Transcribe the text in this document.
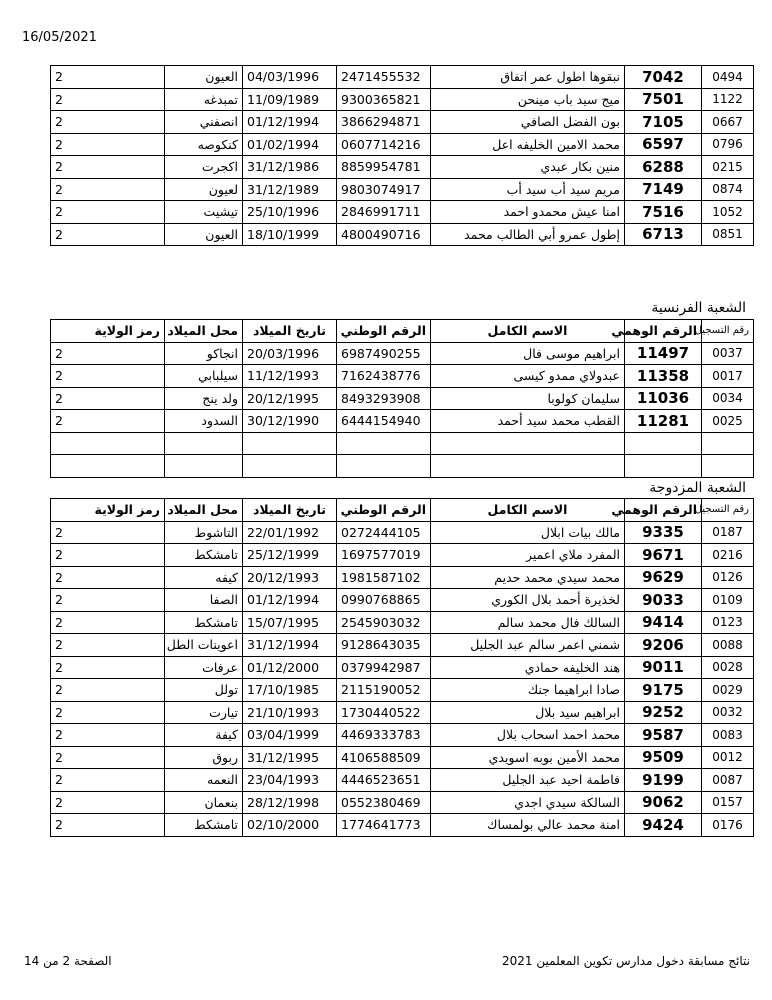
16/05/2021
0494	7042	نبقوها اطول عمر اتفاق	2471455532	04/03/1996	العيون	2
1122	7501	ميج سيد باب مينحن	9300365821	11/09/1989	تمبدغه	2
0667	7105	بون الفضل الصافي	3866294871	01/12/1994	انصفني	2
0796	6597	محمد الامين الخليفه اعل	0607714216	01/02/1994	كنكوصه	2
0215	6288	منين بكار عبدي	8859954781	31/12/1986	اكجرت	2
0874	7149	مريم سيد أب سيد أب	9803074917	31/12/1989	لعيون	2
1052	7516	امنا عيش محمدو احمد	2846991711	25/10/1996	تيشيت	2
0851	6713	إطول عمرو أبي الطالب محمد	4800490716	18/10/1999	العيون	2
الشعبة الفرنسية
رقم التسجيل	الرقم الوهمي	الاسم الكامل	الرقم الوطني	تاريخ الميلاد	محل الميلاد	رمز الولاية
0037	11497	ابراهيم موسى فال	6987490255	20/03/1996	انجاكو	2
0017	11358	عبدولاي ممدو كيسى	7162438776	11/12/1993	سيلبابي	2
0034	11036	سليمان كولوبا	8493293908	20/12/1995	ولد ينج	2
0025	11281	القطب محمد سيد أحمد	6444154940	30/12/1990	السدود	2

الشعبة المزدوجة
رقم التسجيل	الرقم الوهمي	الاسم الكامل	الرقم الوطني	تاريخ الميلاد	محل الميلاد	رمز الولاية
0187	9335	مالك بيات ابلال	0272444105	22/01/1992	التاشوط	2
0216	9671	المفرد ملاي اعمير	1697577019	25/12/1999	تامشكط	2
0126	9629	محمد سيدي محمد حديم	1981587102	20/12/1993	كيفه	2
0109	9033	لخذيرة أحمد بلال الكوري	0990768865	01/12/1994	الصفا	2
0123	9414	السالك فال محمد سالم	2545903032	15/07/1995	تامشكط	2
0088	9206	شمني اعمر سالم عبد الجليل	9128643035	31/12/1994	اعوينات الطل	2
0028	9011	هند الخليفه حمادي	0379942987	01/12/2000	عرفات	2
0029	9175	صادا ابراهيما جنك	2115190052	17/10/1985	تولل	2
0032	9252	ابراهيم سيد بلال	1730440522	21/10/1993	تيارت	2
0083	9587	محمد احمد اسحاب بلال	4469333783	03/04/1999	كيفة	2
0012	9509	محمد الأمين بوبه اسويدي	4106588509	31/12/1995	ربوق	2
0087	9199	فاطمة احيد عبد الجليل	4446523651	23/04/1993	النعمه	2
0157	9062	السالكة سيدي اجدي	0552380469	28/12/1998	بنعمان	2
0176	9424	امنة محمد عالي بولمساك	1774641773	02/10/2000	تامشكط	2
الصفحة 2 من 14	نتائج مسابقة دخول مدارس تكوين المعلمين 2021
